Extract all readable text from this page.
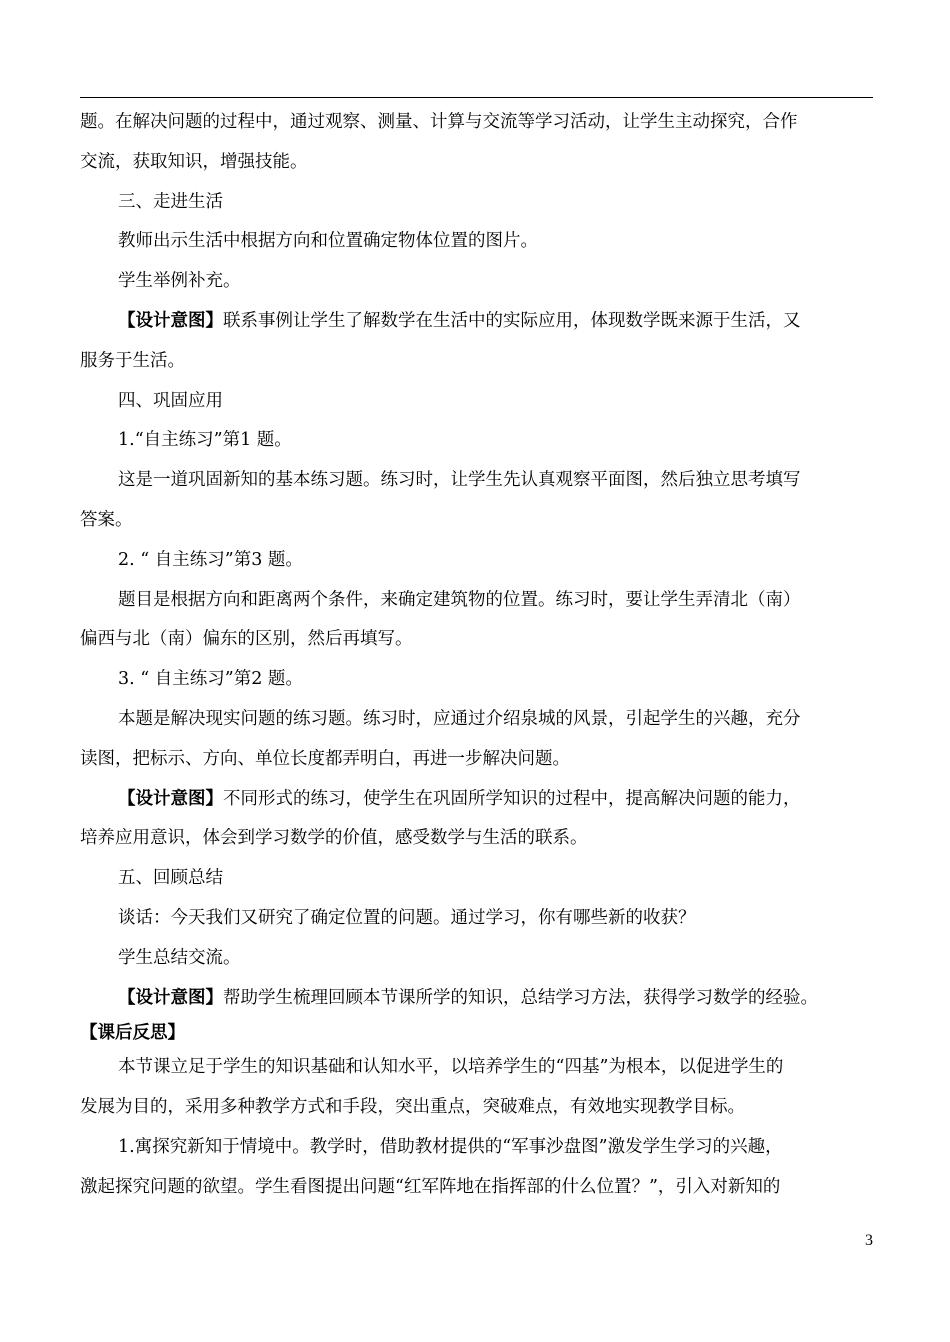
题。在解决问题的过程中，通过观察、测量、计算与交流等学习活动，让学生主动探究，合作
交流，获取知识，增强技能。
三、走进生活
教师出示生活中根据方向和位置确定物体位置的图片。
学生举例补充。
【设计意图】联系事例让学生了解数学在生活中的实际应用，体现数学既来源于生活，又
服务于生活。
四、巩固应用
1.“自主练习”第1 题。
这是一道巩固新知的基本练习题。练习时，让学生先认真观察平面图，然后独立思考填写
答案。
2. “ 自主练习”第3 题。
题目是根据方向和距离两个条件，来确定建筑物的位置。练习时，要让学生弄清北（南）
偏西与北（南）偏东的区别，然后再填写。
3. “ 自主练习”第2 题。
本题是解决现实问题的练习题。练习时，应通过介绍泉城的风景，引起学生的兴趣，充分
读图，把标示、方向、单位长度都弄明白，再进一步解决问题。
【设计意图】不同形式的练习，使学生在巩固所学知识的过程中，提高解决问题的能力，
培养应用意识，体会到学习数学的价值，感受数学与生活的联系。
五、回顾总结
谈话：今天我们又研究了确定位置的问题。通过学习，你有哪些新的收获？
学生总结交流。
【设计意图】帮助学生梳理回顾本节课所学的知识，总结学习方法，获得学习数学的经验。
【课后反思】
本节课立足于学生的知识基础和认知水平，以培养学生的“四基”为根本，以促进学生的
发展为目的，采用多种教学方式和手段，突出重点，突破难点，有效地实现教学目标。
1.寓探究新知于情境中。教学时，借助教材提供的“军事沙盘图”激发学生学习的兴趣，
激起探究问题的欲望。学生看图提出问题“红军阵地在指挥部的什么位置？”，引入对新知的
3
